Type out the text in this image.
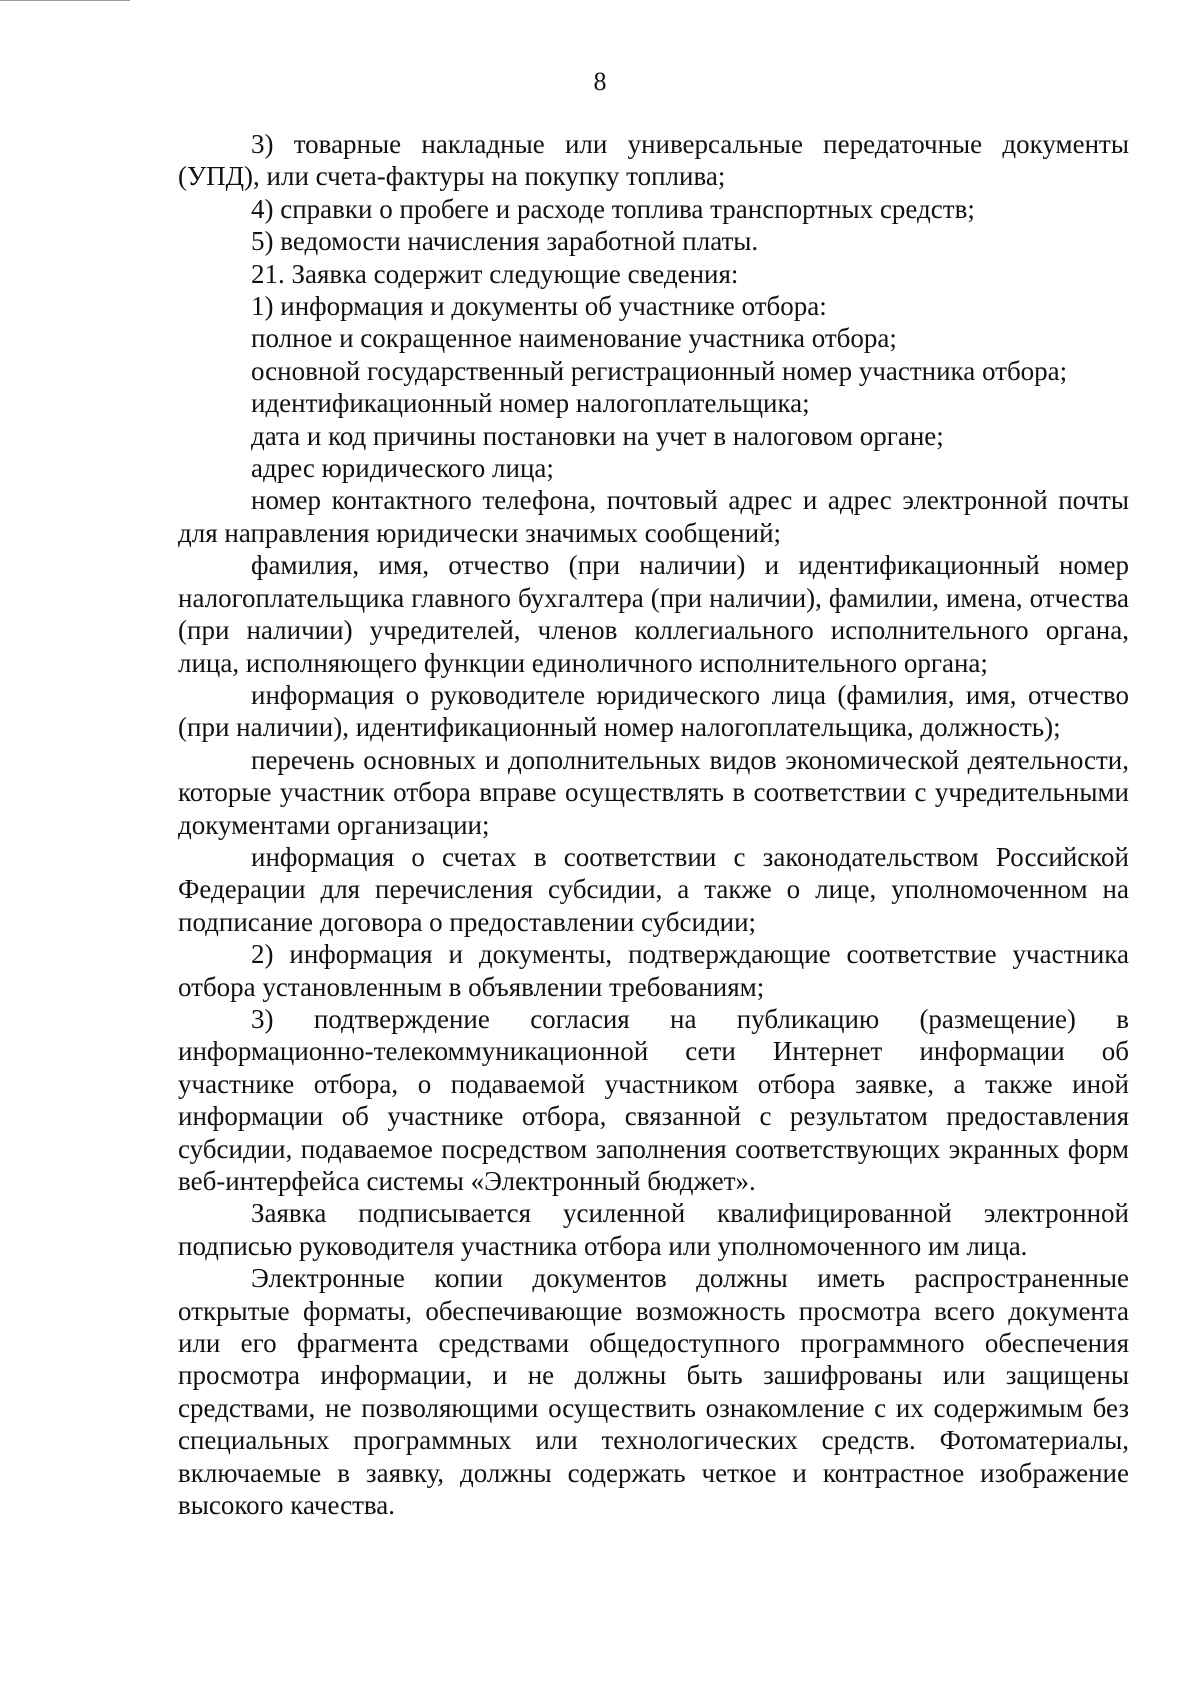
8

3) товарные накладные или универсальные передаточные документы (УПД), или счета-фактуры на покупку топлива;

4) справки о пробеге и расходе топлива транспортных средств;

5) ведомости начисления заработной платы.

21. Заявка содержит следующие сведения:

1) информация и документы об участнике отбора:

полное и сокращенное наименование участника отбора;

основной государственный регистрационный номер участника отбора;

идентификационный номер налогоплательщика;

дата и код причины постановки на учет в налоговом органе;

адрес юридического лица;

номер контактного телефона, почтовый адрес и адрес электронной почты для направления юридически значимых сообщений;

фамилия, имя, отчество (при наличии) и идентификационный номер налогоплательщика главного бухгалтера (при наличии), фамилии, имена, отчества (при наличии) учредителей, членов коллегиального исполнительного органа, лица, исполняющего функции единоличного исполнительного органа;

информация о руководителе юридического лица (фамилия, имя, отчество (при наличии), идентификационный номер налогоплательщика, должность);

перечень основных и дополнительных видов экономической деятельности, которые участник отбора вправе осуществлять в соответствии с учредительными документами организации;

информация о счетах в соответствии с законодательством Российской Федерации для перечисления субсидии, а также о лице, уполномоченном на подписание договора о предоставлении субсидии;

2) информация и документы, подтверждающие соответствие участника отбора установленным в объявлении требованиям;

3) подтверждение согласия на публикацию (размещение) в информационно-телекоммуникационной сети Интернет информации об участнике отбора, о подаваемой участником отбора заявке, а также иной информации об участнике отбора, связанной с результатом предоставления субсидии, подаваемое посредством заполнения соответствующих экранных форм веб-интерфейса системы «Электронный бюджет».

Заявка подписывается усиленной квалифицированной электронной подписью руководителя участника отбора или уполномоченного им лица.

Электронные копии документов должны иметь распространенные открытые форматы, обеспечивающие возможность просмотра всего документа или его фрагмента средствами общедоступного программного обеспечения просмотра информации, и не должны быть зашифрованы или защищены средствами, не позволяющими осуществить ознакомление с их содержимым без специальных программных или технологических средств. Фотоматериалы, включаемые в заявку, должны содержать четкое и контрастное изображение высокого качества.
